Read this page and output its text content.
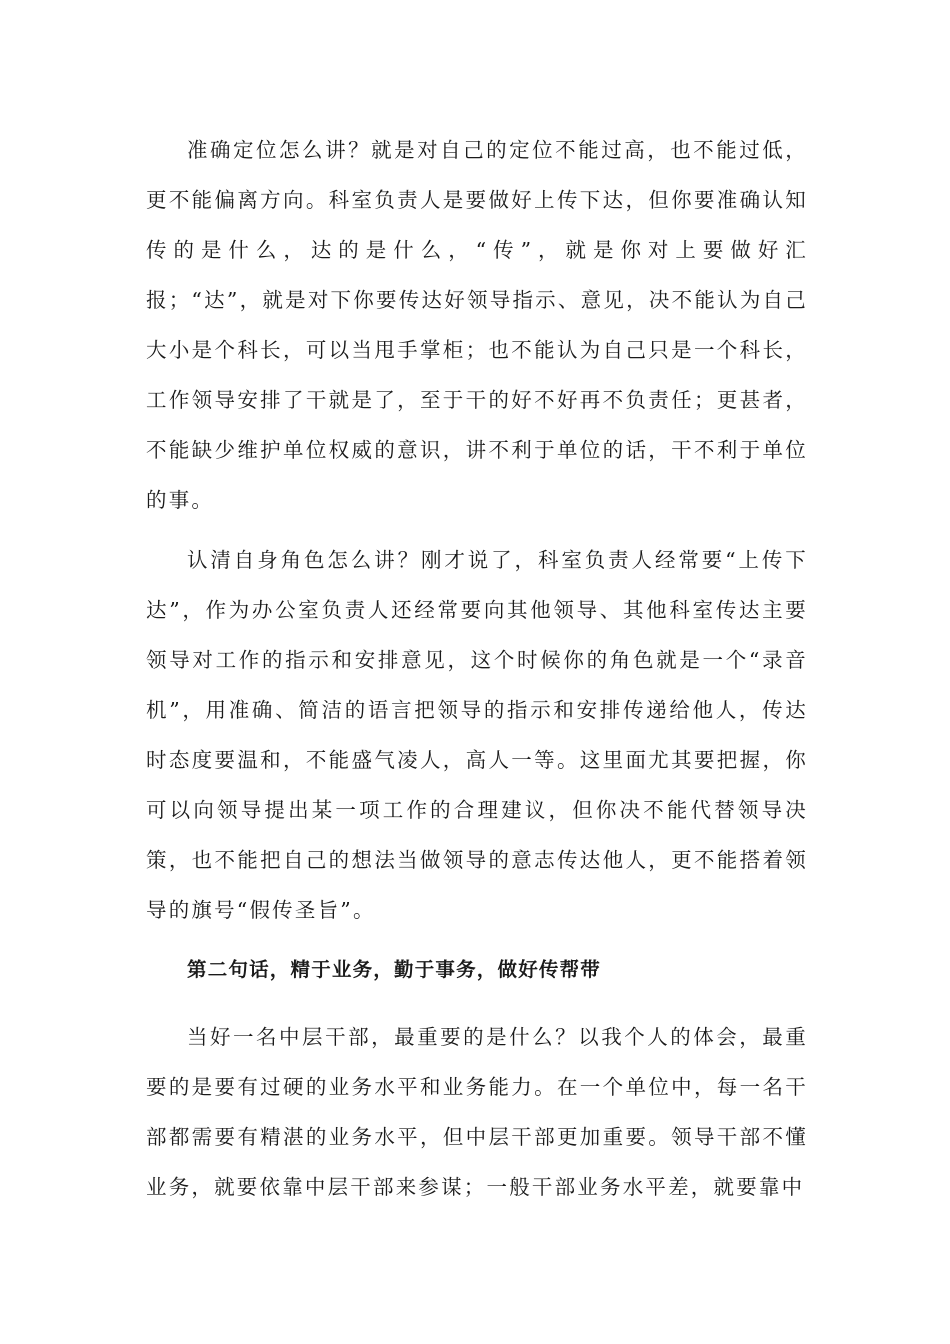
准确定位怎么讲？就是对自己的定位不能过高，也不能过低，更不能偏离方向。科室负责人是要做好上传下达，但你要准确认知传的是什么，达的是什么，“传”，就是你对上要做好汇报；“达”，就是对下你要传达好领导指示、意见，决不能认为自己大小是个科长，可以当甩手掌柜；也不能认为自己只是一个科长，工作领导安排了干就是了，至于干的好不好再不负责任；更甚者，不能缺少维护单位权威的意识，讲不利于单位的话，干不利于单位的事。

认清自身角色怎么讲？刚才说了，科室负责人经常要“上传下达”，作为办公室负责人还经常要向其他领导、其他科室传达主要领导对工作的指示和安排意见，这个时候你的角色就是一个“录音机”，用准确、简洁的语言把领导的指示和安排传递给他人，传达时态度要温和，不能盛气凌人，高人一等。这里面尤其要把握，你可以向领导提出某一项工作的合理建议，但你决不能代替领导决策，也不能把自己的想法当做领导的意志传达他人，更不能搭着领导的旗号“假传圣旨”。

第二句话，精于业务，勤于事务，做好传帮带

当好一名中层干部，最重要的是什么？以我个人的体会，最重要的是要有过硬的业务水平和业务能力。在一个单位中，每一名干部都需要有精湛的业务水平，但中层干部更加重要。领导干部不懂业务，就要依靠中层干部来参谋；一般干部业务水平差，就要靠中
